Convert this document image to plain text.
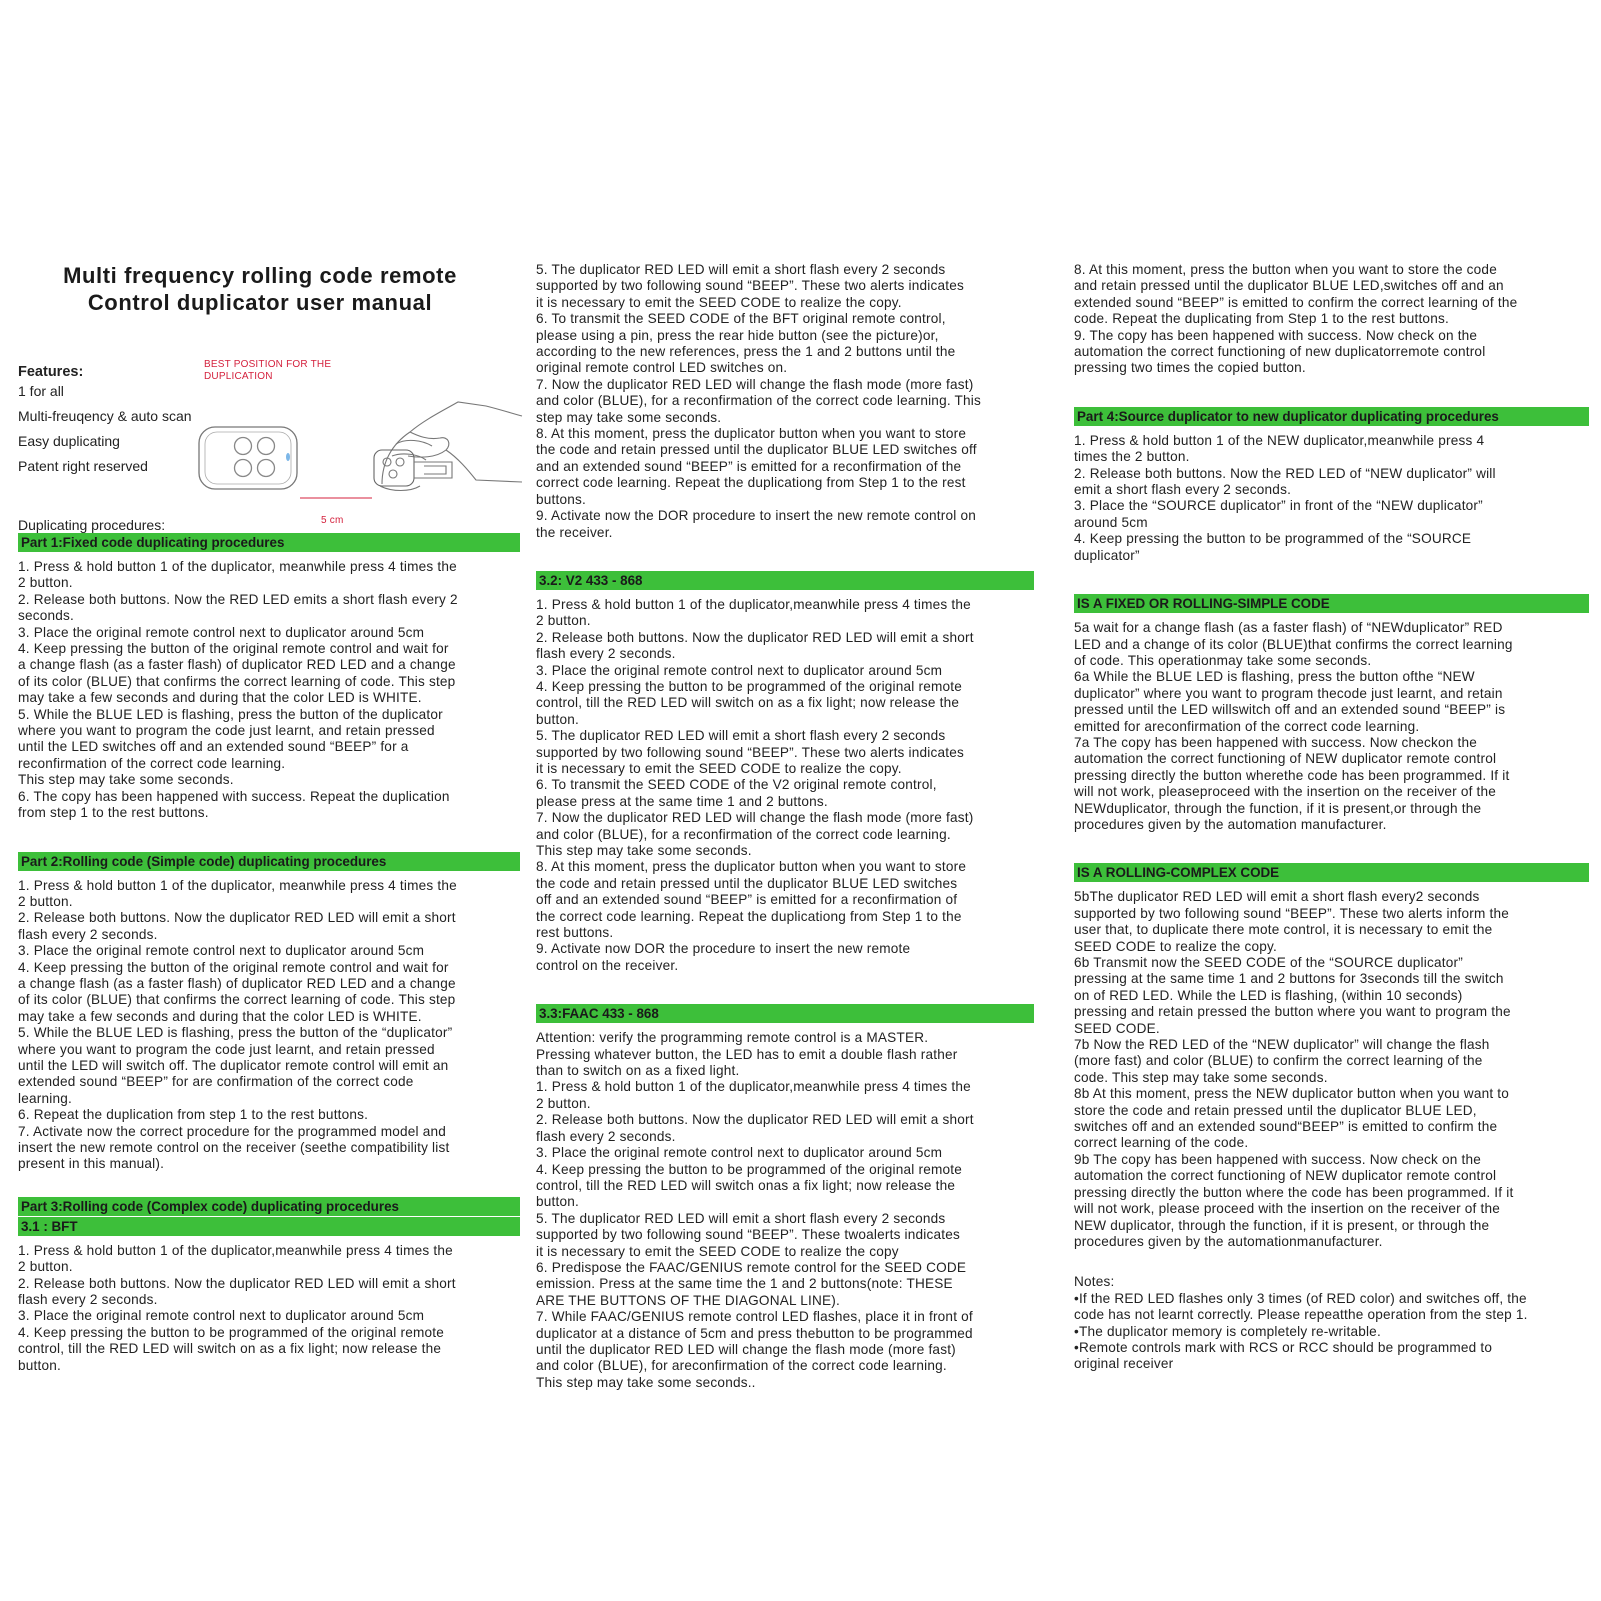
Multi frequency rolling code remote
Control duplicator user manual
Features:
1 for all
Multi-freuqency & auto scan
Easy duplicating
Patent right reserved
BEST POSITION FOR THE
DUPLICATION
5 cm
Duplicating procedures:
Part 1:Fixed code duplicating procedures
1. Press & hold button 1 of the duplicator, meanwhile press 4 times the
2 button.
2. Release both buttons. Now the RED LED emits a short flash every 2
seconds.
3. Place the original remote control next to duplicator around 5cm
4. Keep pressing the button of the original remote control and wait for
a change flash (as a faster flash) of duplicator RED LED and a change
of its color (BLUE) that confirms the correct learning of code. This step
may take a few seconds and during that the color LED is WHITE.
5. While the BLUE LED is flashing, press the button of the duplicator
where you want to program the code just learnt, and retain pressed
until the LED switches off and an extended sound “BEEP” for a
reconfirmation of the correct code learning.
This step may take some seconds.
6. The copy has been happened with success. Repeat the duplication
from step 1 to the rest buttons.
Part 2:Rolling code (Simple code) duplicating procedures
1. Press & hold button 1 of the duplicator, meanwhile press 4 times the
2 button.
2. Release both buttons. Now the duplicator RED LED will emit a short
flash every 2 seconds.
3. Place the original remote control next to duplicator around 5cm
4. Keep pressing the button of the original remote control and wait for
a change flash (as a faster flash) of duplicator RED LED and a change
of its color (BLUE) that confirms the correct learning of code. This step
may take a few seconds and during that the color LED is WHITE.
5. While the BLUE LED is flashing, press the button of the “duplicator”
where you want to program the code just learnt, and retain pressed
until the LED will switch off. The duplicator remote control will emit an
extended sound “BEEP” for are confirmation of the correct code
learning.
6. Repeat the duplication from step 1 to the rest buttons.
7. Activate now the correct procedure for the programmed model and
insert the new remote control on the receiver (seethe compatibility list
present in this manual).
Part 3:Rolling code (Complex code) duplicating procedures
3.1 : BFT
1. Press & hold button 1 of the duplicator,meanwhile press 4 times the
2 button.
2. Release both buttons. Now the duplicator RED LED will emit a short
flash every 2 seconds.
3. Place the original remote control next to duplicator around 5cm
4. Keep pressing the button to be programmed of the original remote
control, till the RED LED will switch on as a fix light; now release the
button.
5. The duplicator RED LED will emit a short flash every 2 seconds
supported by two following sound “BEEP”. These two alerts indicates
it is necessary to emit the SEED CODE to realize the copy.
6. To transmit the SEED CODE of the BFT original remote control,
please using a pin, press the rear hide button (see the picture)or,
according to the new references, press the 1 and 2 buttons until the
original remote control LED switches on.
7. Now the duplicator RED LED will change the flash mode (more fast)
and color (BLUE), for a reconfirmation of the correct code learning. This
step may take some seconds.
8. At this moment, press the duplicator button when you want to store
the code and retain pressed until the duplicator BLUE LED switches off
and an extended sound “BEEP” is emitted for a reconfirmation of the
correct code learning. Repeat the duplicationg from Step 1 to the rest
buttons.
9. Activate now the DOR procedure to insert the new remote control on
the receiver.
3.2: V2 433 - 868
1. Press & hold button 1 of the duplicator,meanwhile press 4 times the
2 button.
2. Release both buttons. Now the duplicator RED LED will emit a short
flash every 2 seconds.
3. Place the original remote control next to duplicator around 5cm
4. Keep pressing the button to be programmed of the original remote
control, till the RED LED will switch on as a fix light; now release the
button.
5. The duplicator RED LED will emit a short flash every 2 seconds
supported by two following sound “BEEP”. These two alerts indicates
it is necessary to emit the SEED CODE to realize the copy.
6. To transmit the SEED CODE of the V2 original remote control,
please press at the same time 1 and 2 buttons.
7. Now the duplicator RED LED will change the flash mode (more fast)
and color (BLUE), for a reconfirmation of the correct code learning.
This step may take some seconds.
8. At this moment, press the duplicator button when you want to store
the code and retain pressed until the duplicator BLUE LED switches
off and an extended sound “BEEP” is emitted for a reconfirmation of
the correct code learning. Repeat the duplicationg from Step 1 to the
rest buttons.
9. Activate now DOR the procedure to insert the new remote
control on the receiver.
3.3:FAAC 433 - 868
Attention: verify the programming remote control is a MASTER.
Pressing whatever button, the LED has to emit a double flash rather
than to switch on as a fixed light.
1. Press & hold button 1 of the duplicator,meanwhile press 4 times the
2 button.
2. Release both buttons. Now the duplicator RED LED will emit a short
flash every 2 seconds.
3. Place the original remote control next to duplicator around 5cm
4. Keep pressing the button to be programmed of the original remote
control, till the RED LED will switch onas a fix light; now release the
button.
5. The duplicator RED LED will emit a short flash every 2 seconds
supported by two following sound “BEEP”. These twoalerts indicates
it is necessary to emit the SEED CODE to realize the copy
6. Predispose the FAAC/GENIUS remote control for the SEED CODE
emission. Press at the same time the 1 and 2 buttons(note: THESE
ARE THE BUTTONS OF THE DIAGONAL LINE).
7. While FAAC/GENIUS remote control LED flashes, place it in front of
duplicator at a distance of 5cm and press thebutton to be programmed
until the duplicator RED LED will change the flash mode (more fast)
and color (BLUE), for areconfirmation of the correct code learning.
This step may take some seconds..
8. At this moment, press the button when you want to store the code
and retain pressed until the duplicator BLUE LED,switches off and an
extended sound “BEEP” is emitted to confirm the correct learning of the
code. Repeat the duplicating from Step 1 to the rest buttons.
9. The copy has been happened with success. Now check on the
automation the correct functioning of new duplicatorremote control
pressing two times the copied button.
Part 4:Source duplicator to new duplicator duplicating procedures
1. Press & hold button 1 of the NEW duplicator,meanwhile press 4
times the 2 button.
2. Release both buttons. Now the RED LED of “NEW duplicator” will
emit a short flash every 2 seconds.
3. Place the “SOURCE duplicator” in front of the “NEW duplicator”
around 5cm
4. Keep pressing the button to be programmed of the “SOURCE
duplicator”
IS A FIXED OR ROLLING-SIMPLE CODE
5a wait for a change flash (as a faster flash) of “NEWduplicator” RED
LED and a change of its color (BLUE)that confirms the correct learning
of code. This operationmay take some seconds.
6a While the BLUE LED is flashing, press the button ofthe “NEW
duplicator” where you want to program thecode just learnt, and retain
pressed until the LED willswitch off and an extended sound “BEEP” is
emitted for areconfirmation of the correct code learning.
7a The copy has been happened with success. Now checkon the
automation the correct functioning of NEW duplicator remote control
pressing directly the button wherethe code has been programmed. If it
will not work, pleaseproceed with the insertion on the receiver of the
NEWduplicator, through the function, if it is present,or through the
procedures given by the automation manufacturer.
IS A ROLLING-COMPLEX CODE
5bThe duplicator RED LED will emit a short flash every2 seconds
supported by two following sound “BEEP”. These two alerts inform the
user that, to duplicate there mote control, it is necessary to emit the
SEED CODE to realize the copy.
6b Transmit now the SEED CODE of the “SOURCE duplicator”
pressing at the same time 1 and 2 buttons for 3seconds till the switch
on of RED LED. While the LED is flashing, (within 10 seconds)
pressing and retain pressed the button where you want to program the
SEED CODE.
7b Now the RED LED of the “NEW duplicator” will change the flash
(more fast) and color (BLUE) to confirm the correct learning of the
code. This step may take some seconds.
8b At this moment, press the NEW duplicator button when you want to
store the code and retain pressed until the duplicator BLUE LED,
switches off and an extended sound“BEEP” is emitted to confirm the
correct learning of the code.
9b The copy has been happened with success. Now check on the
automation the correct functioning of NEW duplicator remote control
pressing directly the button where the code has been programmed. If it
will not work, please proceed with the insertion on the receiver of the
NEW duplicator, through the function, if it is present, or through the
procedures given by the automationmanufacturer.
Notes:
•If the RED LED flashes only 3 times (of RED color) and switches off, the
code has not learnt correctly. Please repeatthe operation from the step 1.
•The duplicator memory is completely re-writable.
•Remote controls mark with RCS or RCC should be programmed to
original receiver
